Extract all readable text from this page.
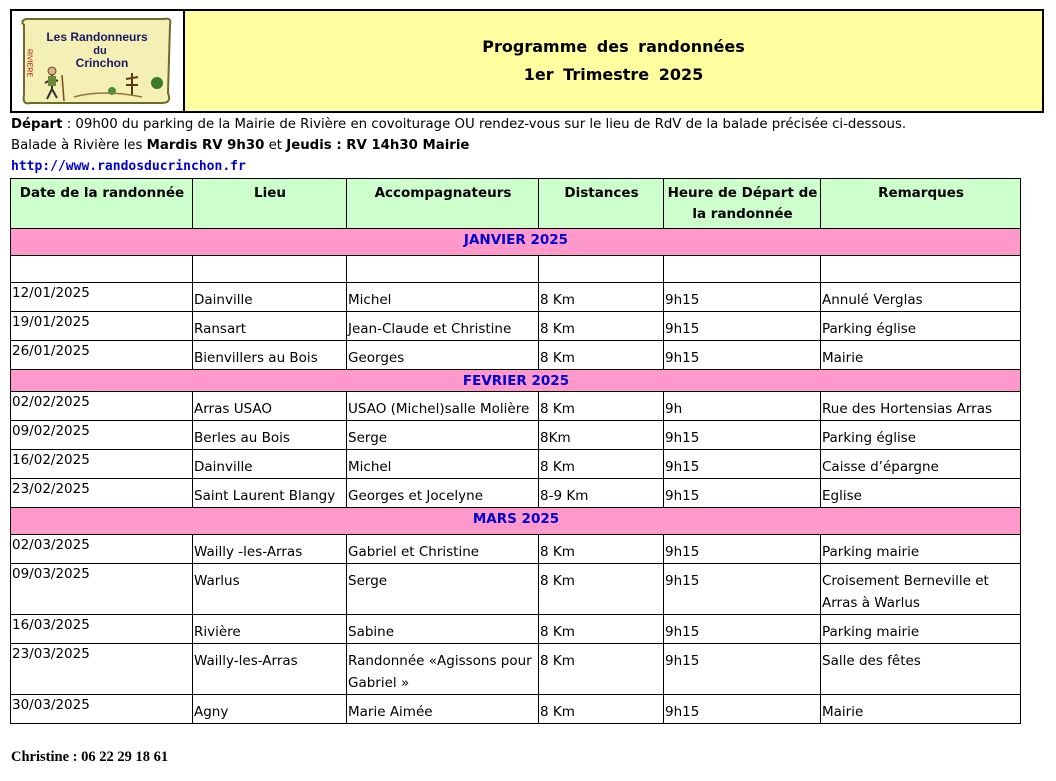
Les Randonneurs
du
Crinchon
RIVIERE
Programme des randonnées
1er Trimestre 2025
Départ : 09h00 du parking de la Mairie de Rivière en covoiturage OU rendez-vous sur le lieu de RdV de la balade précisée ci-dessous.
Balade à Rivière les Mardis RV 9h30 et Jeudis : RV 14h30 Mairie
http://www.randosducrinchon.fr
Date de la randonnée	Lieu	Accompagnateurs	Distances	Heure de Départ de la randonnée	Remarques
JANVIER 2025					

12/01/2025	Dainville	Michel	8 Km	9h15	Annulé Verglas
19/01/2025	Ransart	Jean-Claude et Christine	8 Km	9h15	Parking église
26/01/2025	Bienvillers au Bois	Georges	8 Km	9h15	Mairie
FEVRIER 2025					
02/02/2025	Arras USAO	USAO (Michel)salle Molière	8 Km	9h	Rue des Hortensias Arras
09/02/2025	Berles au Bois	Serge	8Km	9h15	Parking église
16/02/2025	Dainville	Michel	8 Km	9h15	Caisse d’épargne
23/02/2025	Saint Laurent Blangy	Georges et Jocelyne	8-9 Km	9h15	Eglise
MARS 2025					
02/03/2025	Wailly -les-Arras	Gabriel et Christine	8 Km	9h15	Parking mairie
09/03/2025	Warlus	Serge	8 Km	9h15	Croisement Berneville et Arras à Warlus
16/03/2025	Rivière	Sabine	8 Km	9h15	Parking mairie
23/03/2025	Wailly-les-Arras	Randonnée «Agissons pour Gabriel »	8 Km	9h15	Salle des fêtes
30/03/2025	Agny	Marie Aimée	8 Km	9h15	Mairie
Christine : 06 22 29 18 61
